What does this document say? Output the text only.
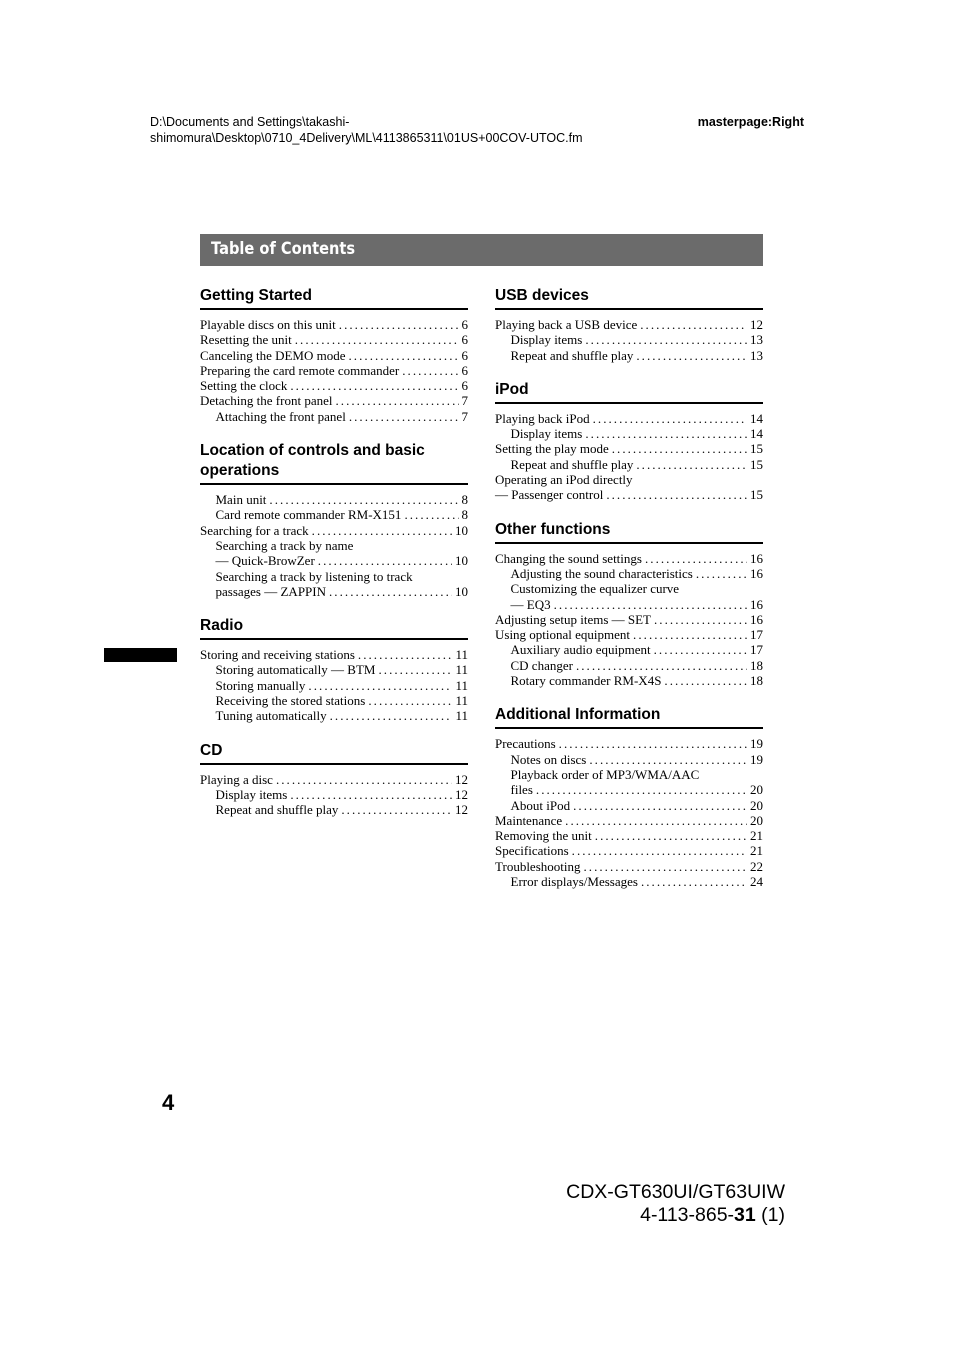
D:\Documents and Settings\takashi-
shimomura\Desktop\0710_4Delivery\ML\4113865311\01US+00COV-UTOC.fm
masterpage:Right
Table of Contents
Getting Started
Playable discs on this unit . . .	6
Resetting the unit . . .	6
Canceling the DEMO mode . . .	6
Preparing the card remote commander . . .	6
Setting the clock . . .	6
Detaching the front panel . . .	7
Attaching the front panel . . .	7
Location of controls and basic operations
Main unit . . .	8
Card remote commander RM-X151 . . .	8
Searching for a track . . .	10
Searching a track by name
— Quick-BrowZer . . .	10
Searching a track by listening to track
passages — ZAPPIN . . .	10
Radio
Storing and receiving stations . . .	11
Storing automatically — BTM . . .	11
Storing manually . . .	11
Receiving the stored stations . . .	11
Tuning automatically . . .	11
CD
Playing a disc . . .	12
Display items . . .	12
Repeat and shuffle play . . .	12
USB devices
Playing back a USB device . . .	12
Display items . . .	13
Repeat and shuffle play . . .	13
iPod
Playing back iPod . . .	14
Display items . . .	14
Setting the play mode . . .	15
Repeat and shuffle play . . .	15
Operating an iPod directly
— Passenger control . . .	15
Other functions
Changing the sound settings . . .	16
Adjusting the sound characteristics . . .	16
Customizing the equalizer curve
— EQ3 . . .	16
Adjusting setup items — SET . . .	16
Using optional equipment . . .	17
Auxiliary audio equipment . . .	17
CD changer . . .	18
Rotary commander RM-X4S . . .	18
Additional Information
Precautions . . .	19
Notes on discs . . .	19
Playback order of MP3/WMA/AAC
files . . .	20
About iPod . . .	20
Maintenance . . .	20
Removing the unit . . .	21
Specifications . . .	21
Troubleshooting . . .	22
Error displays/Messages . . .	24
4
CDX-GT630UI/GT63UIW
4-113-865-31 (1)
